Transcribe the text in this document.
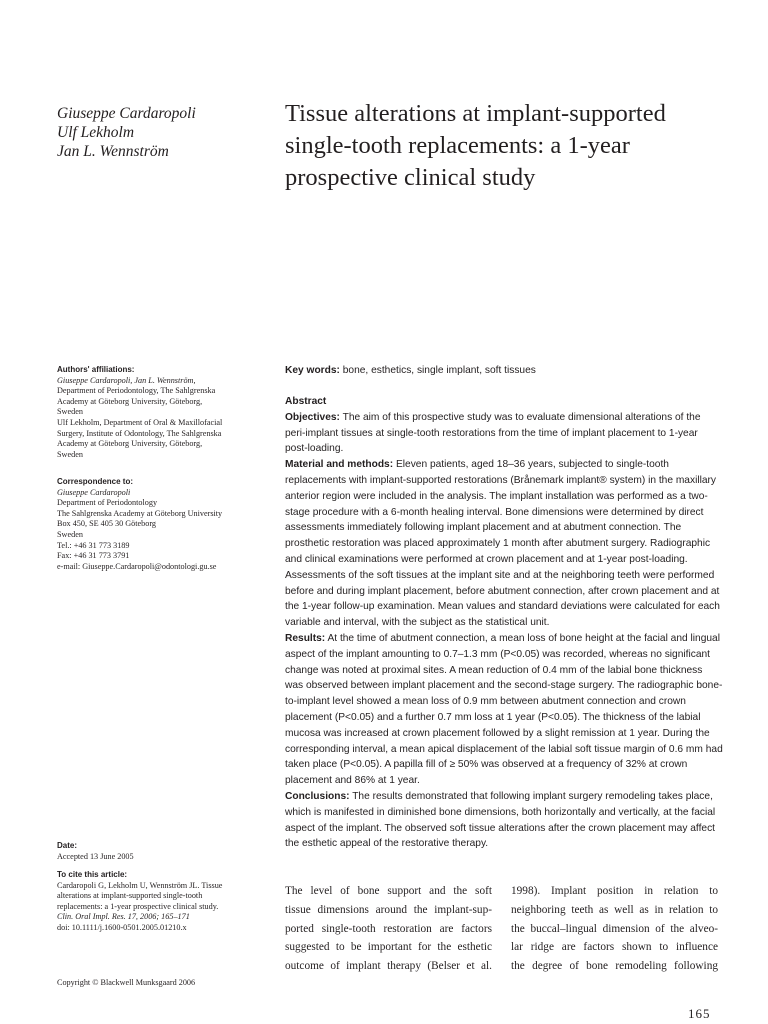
Giuseppe Cardaropoli
Ulf Lekholm
Jan L. Wennström
Tissue alterations at implant-supported
single-tooth replacements: a 1-year
prospective clinical study
Authors' affiliations:
Giuseppe Cardaropoli, Jan L. Wennström,
Department of Periodontology, The Sahlgrenska
Academy at Göteborg University, Göteborg,
Sweden
Ulf Lekholm, Department of Oral & Maxillofacial
Surgery, Institute of Odontology, The Sahlgrenska
Academy at Göteborg University, Göteborg,
Sweden
Correspondence to:
Giuseppe Cardaropoli
Department of Periodontology
The Sahlgrenska Academy at Göteborg University
Box 450, SE 405 30 Göteborg
Sweden
Tel.: +46 31 773 3189
Fax: +46 31 773 3791
e-mail: Giuseppe.Cardaropoli@odontologi.gu.se
Date:
Accepted 13 June 2005
To cite this article:
Cardaropoli G, Lekholm U, Wennström JL. Tissue
alterations at implant-supported single-tooth
replacements: a 1-year prospective clinical study.
Clin. Oral Impl. Res. 17, 2006; 165–171
doi: 10.1111/j.1600-0501.2005.01210.x
Copyright © Blackwell Munksgaard 2006
Key words: bone, esthetics, single implant, soft tissues
Abstract

Objectives: The aim of this prospective study was to evaluate dimensional alterations of the peri-implant tissues at single-tooth restorations from the time of implant placement to 1-year post-loading.

Material and methods: Eleven patients, aged 18–36 years, subjected to single-tooth replacements with implant-supported restorations (Brånemark implant® system) in the maxillary anterior region were included in the analysis. The implant installation was performed as a two-stage procedure with a 6-month healing interval. Bone dimensions were determined by direct assessments immediately following implant placement and at abutment connection. The prosthetic restoration was placed approximately 1 month after abutment surgery. Radiographic and clinical examinations were performed at crown placement and at 1-year post-loading. Assessments of the soft tissues at the implant site and at the neighboring teeth were performed before and during implant placement, before abutment connection, after crown placement and at the 1-year follow-up examination. Mean values and standard deviations were calculated for each variable and interval, with the subject as the statistical unit.

Results: At the time of abutment connection, a mean loss of bone height at the facial and lingual aspect of the implant amounting to 0.7–1.3 mm (P<0.05) was recorded, whereas no significant change was noted at proximal sites. A mean reduction of 0.4 mm of the labial bone thickness was observed between implant placement and the second-stage surgery. The radiographic bone-to-implant level showed a mean loss of 0.9 mm between abutment connection and crown placement (P<0.05) and a further 0.7 mm loss at 1 year (P<0.05). The thickness of the labial mucosa was increased at crown placement followed by a slight remission at 1 year. During the corresponding interval, a mean apical displacement of the labial soft tissue margin of 0.6 mm had taken place (P<0.05). A papilla fill of ≥ 50% was observed at a frequency of 32% at crown placement and 86% at 1 year.

Conclusions: The results demonstrated that following implant surgery remodeling takes place, which is manifested in diminished bone dimensions, both horizontally and vertically, at the facial aspect of the implant. The observed soft tissue alterations after the crown placement may affect the esthetic appeal of the restorative therapy.

The level of bone support and the soft
tissue dimensions around the implant-sup-
ported single-tooth restoration are factors
suggested to be important for the esthetic
outcome of implant therapy (Belser et al.
1998). Implant position in relation to
neighboring teeth as well as in relation to
the buccal–lingual dimension of the alveo-
lar ridge are factors shown to influence
the degree of bone remodeling following
165
